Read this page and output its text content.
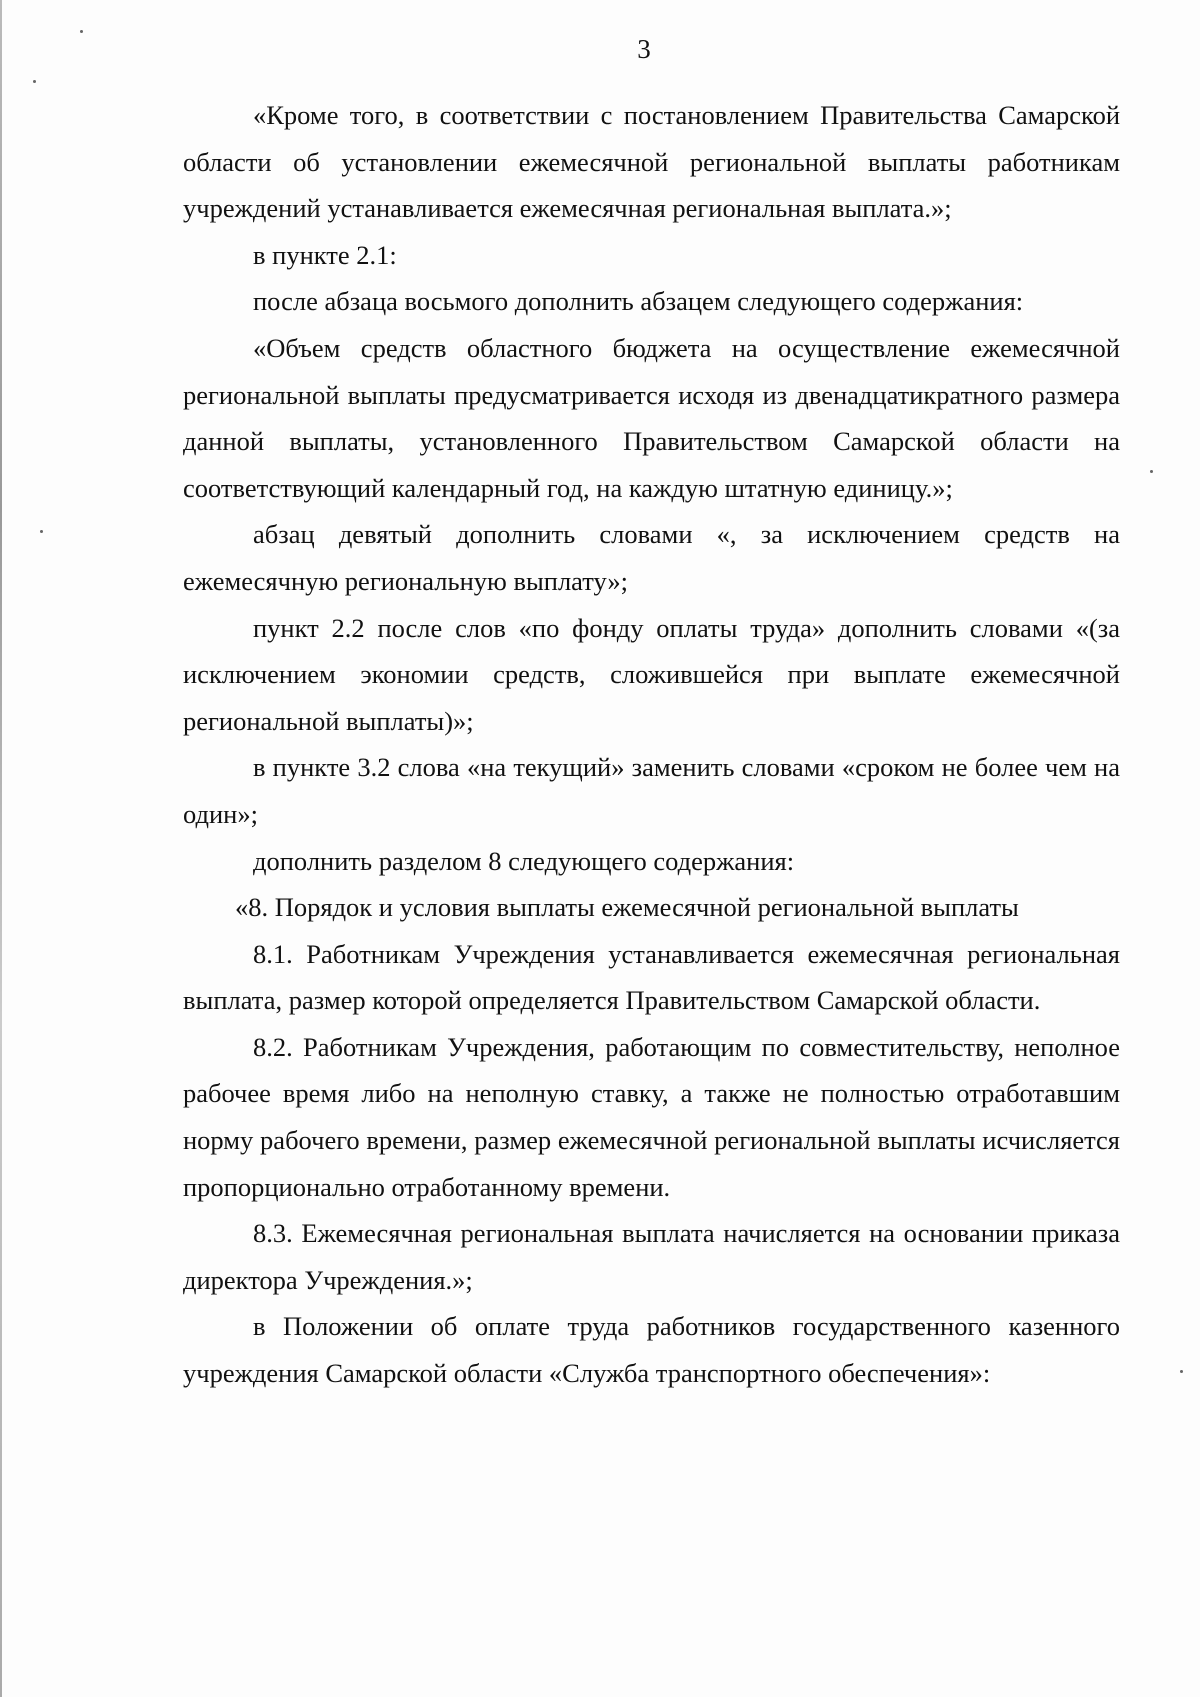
3

«Кроме того, в соответствии с постановлением Правительства Самарской области об установлении ежемесячной региональной выплаты работникам учреждений устанавливается ежемесячная региональная выплата.»;

в пункте 2.1:

после абзаца восьмого дополнить абзацем следующего содержания:

«Объем средств областного бюджета на осуществление ежемесячной региональной выплаты предусматривается исходя из двенадцатикратного размера данной выплаты, установленного Правительством Самарской области на соответствующий календарный год, на каждую штатную единицу.»;

абзац девятый дополнить словами «, за исключением средств на ежемесячную региональную выплату»;

пункт 2.2 после слов «по фонду оплаты труда» дополнить словами «(за исключением экономии средств, сложившейся при выплате ежемесячной региональной выплаты)»;

в пункте 3.2 слова «на текущий» заменить словами «сроком не более чем на один»;

дополнить разделом 8 следующего содержания:

«8. Порядок и условия выплаты ежемесячной региональной выплаты

8.1. Работникам Учреждения устанавливается ежемесячная региональная выплата, размер которой определяется Правительством Самарской области.

8.2. Работникам Учреждения, работающим по совместительству, неполное рабочее время либо на неполную ставку, а также не полностью отработавшим норму рабочего времени, размер ежемесячной региональной выплаты исчисляется пропорционально отработанному времени.

8.3. Ежемесячная региональная выплата начисляется на основании приказа директора Учреждения.»;

в Положении об оплате труда работников государственного казенного учреждения Самарской области «Служба транспортного обеспечения»:
